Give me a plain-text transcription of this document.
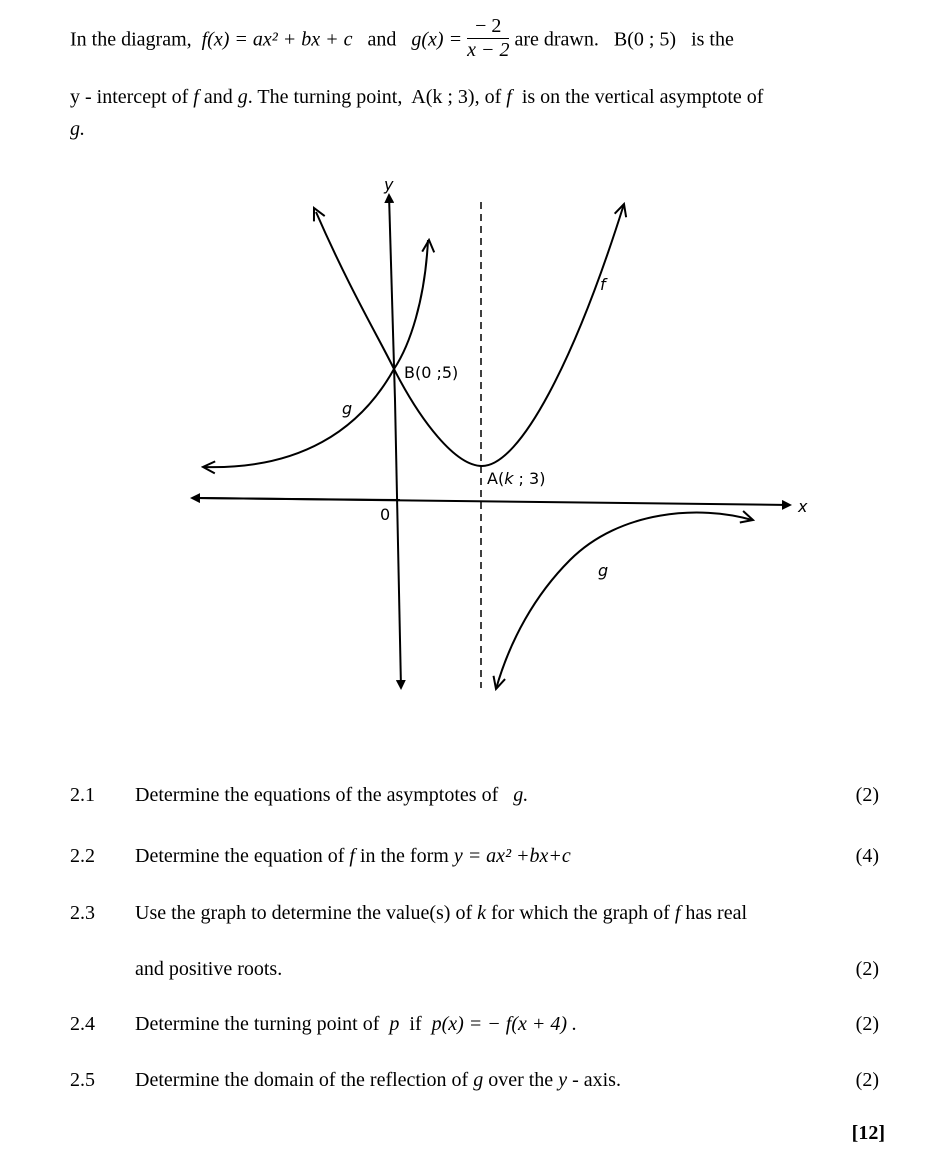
In the diagram, f(x) = ax² + bx + c and $g(x) = \frac{- 2}{x - 2}$ are drawn. B(0 ; 5) is the
y - intercept of f and g. The turning point, A(k ; 3), of f is on the vertical asymptote of
g.
y
x
0
B(0 ;5)
A(k ; 3)
f
g
g
2.1 Determine the equations of the asymptotes of g.	(2)
2.2 Determine the equation of f in the form y = ax² +bx+c	(4)
2.3 Use the graph to determine the value(s) of k for which the graph of f has real
and positive roots.	(2)
2.4 Determine the turning point of p if p(x) = − f(x + 4) .	(2)
2.5 Determine the domain of the reflection of g over the y - axis.	(2)
[12]
